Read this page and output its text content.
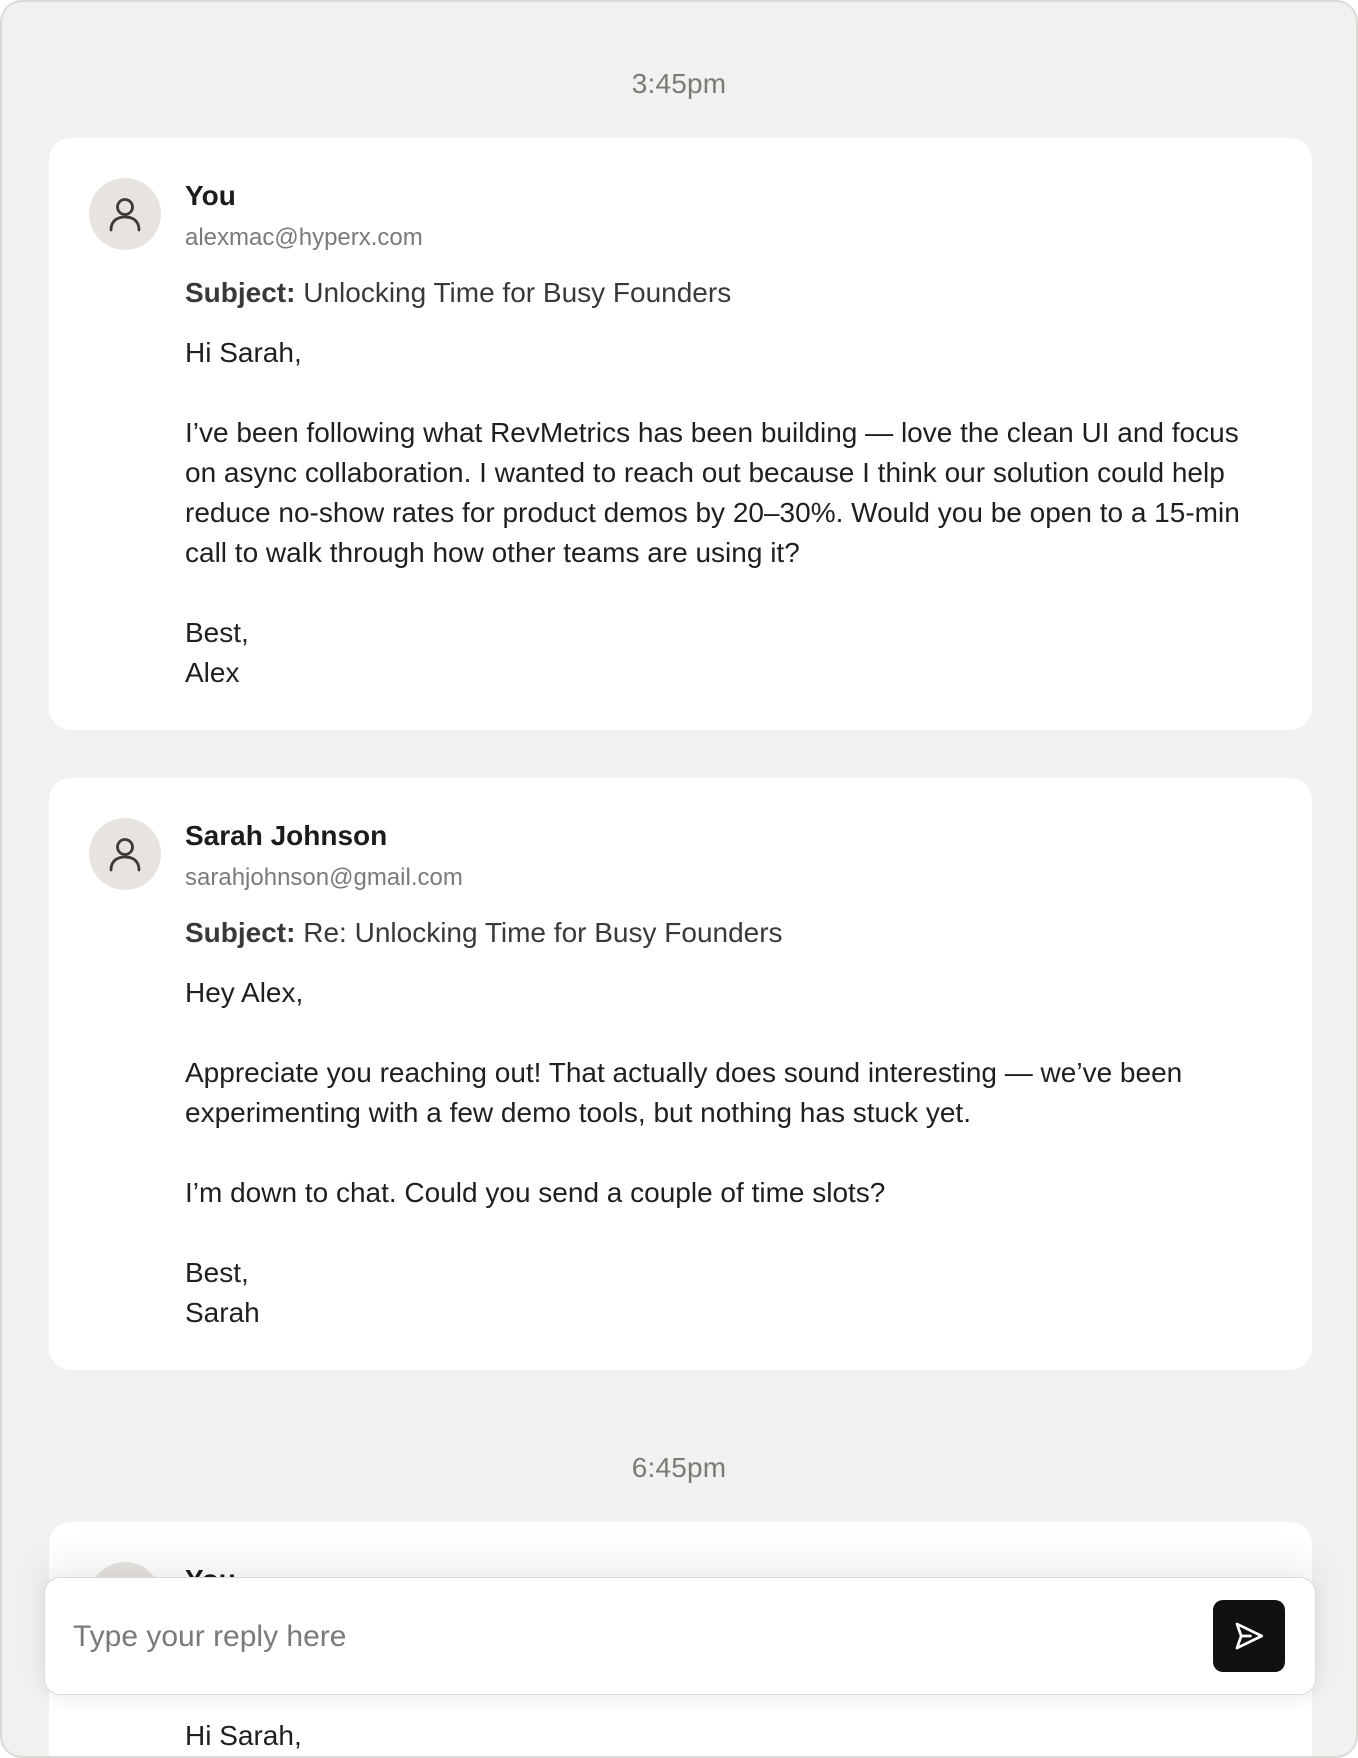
3:45pm
You
alexmac@hyperx.com
Subject: Unlocking Time for Busy Founders

Hi Sarah,

I’ve been following what RevMetrics has been building — love the clean UI and focus on async collaboration. I wanted to reach out because I think our solution could help reduce no-show rates for product demos by 20–30%. Would you be open to a 15-min call to walk through how other teams are using it?

Best,
Alex

Sarah Johnson
sarahjohnson@gmail.com
Subject: Re: Unlocking Time for Busy Founders

Hey Alex,

Appreciate you reaching out! That actually does sound interesting — we’ve been experimenting with a few demo tools, but nothing has stuck yet.

I’m down to chat. Could you send a couple of time slots?

Best,
Sarah

6:45pm

Hi Sarah,

Type your reply here
